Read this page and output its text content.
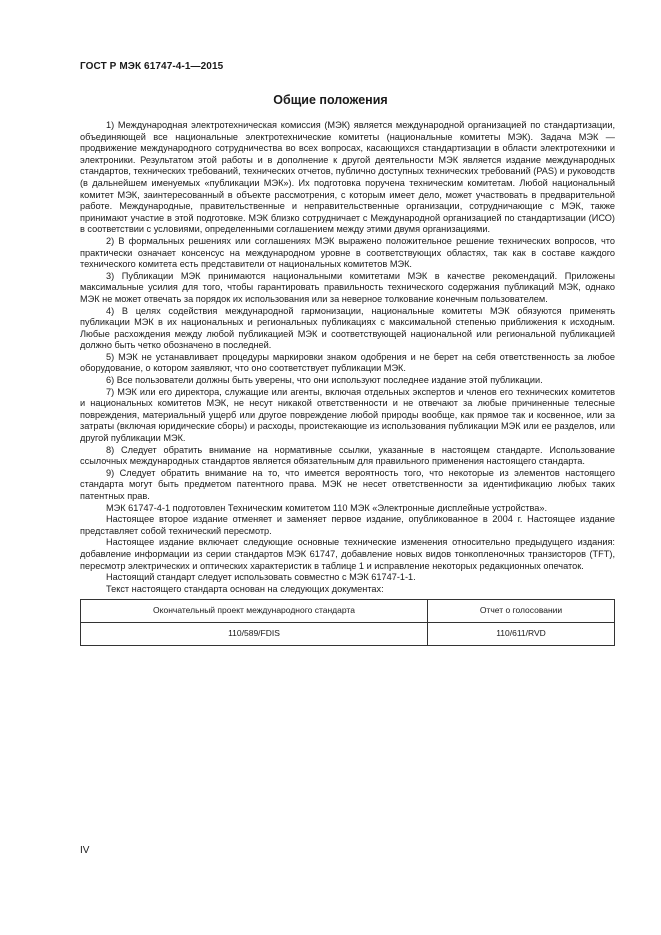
ГОСТ Р МЭК 61747-4-1—2015
Общие положения

1) Международная электротехническая комиссия (МЭК) является международной организацией по стандартизации, объединяющей все национальные электротехнические комитеты (национальные комитеты МЭК). Задача МЭК — продвижение международного сотрудничества во всех вопросах, касающихся стандартизации в области электротехники и электроники. Результатом этой работы и в дополнение к другой деятельности МЭК является издание международных стандартов, технических требований, технических отчетов, публично доступных технических требований (PAS) и руководств (в дальнейшем именуемых «публикации МЭК»). Их подготовка поручена техническим комитетам. Любой национальный комитет МЭК, заинтересованный в объекте рассмотрения, с которым имеет дело, может участвовать в предварительной работе. Международные, правительственные и неправительственные организации, сотрудничающие с МЭК, также принимают участие в этой подготовке. МЭК близко сотрудничает с Международной организацией по стандартизации (ИСО) в соответствии с условиями, определенными соглашением между этими двумя организациями.

2) В формальных решениях или соглашениях МЭК выражено положительное решение технических вопросов, что практически означает консенсус на международном уровне в соответствующих областях, так как в составе каждого технического комитета есть представители от национальных комитетов МЭК.

3) Публикации МЭК принимаются национальными комитетами МЭК в качестве рекомендаций. Приложены максимальные усилия для того, чтобы гарантировать правильность технического содержания публикаций МЭК, однако МЭК не может отвечать за порядок их использования или за неверное толкование конечным пользователем.

4) В целях содействия международной гармонизации, национальные комитеты МЭК обязуются применять публикации МЭК в их национальных и региональных публикациях с максимальной степенью приближения к исходным. Любые расхождения между любой публикацией МЭК и соответствующей национальной или региональной публикацией должно быть четко обозначено в последней.

5) МЭК не устанавливает процедуры маркировки знаком одобрения и не берет на себя ответственность за любое оборудование, о котором заявляют, что оно соответствует публикации МЭК.

6) Все пользователи должны быть уверены, что они используют последнее издание этой публикации.

7) МЭК или его директора, служащие или агенты, включая отдельных экспертов и членов его технических комитетов и национальных комитетов МЭК, не несут никакой ответственности и не отвечают за любые причиненные телесные повреждения, материальный ущерб или другое повреждение любой природы вообще, как прямое так и косвенное, или за затраты (включая юридические сборы) и расходы, проистекающие из использования публикации МЭК или ее разделов, или другой публикации МЭК.

8) Следует обратить внимание на нормативные ссылки, указанные в настоящем стандарте. Использование ссылочных международных стандартов является обязательным для правильного применения настоящего стандарта.

9) Следует обратить внимание на то, что имеется вероятность того, что некоторые из элементов настоящего стандарта могут быть предметом патентного права. МЭК не несет ответственности за идентификацию любых таких патентных прав.

МЭК 61747-4-1 подготовлен Техническим комитетом 110 МЭК «Электронные дисплейные устройства».

Настоящее второе издание отменяет и заменяет первое издание, опубликованное в 2004 г. Настоящее издание представляет собой технический пересмотр.

Настоящее издание включает следующие основные технические изменения относительно предыдущего издания: добавление информации из серии стандартов МЭК 61747, добавление новых видов тонкопленочных транзисторов (TFT), пересмотр электрических и оптических характеристик в таблице 1 и исправление некоторых редакционных опечаток.

Настоящий стандарт следует использовать совместно с МЭК 61747-1-1.

Текст настоящего стандарта основан на следующих документах:

Окончательный проект международного стандарта	Отчет о голосовании
110/589/FDIS	110/611/RVD
IV
